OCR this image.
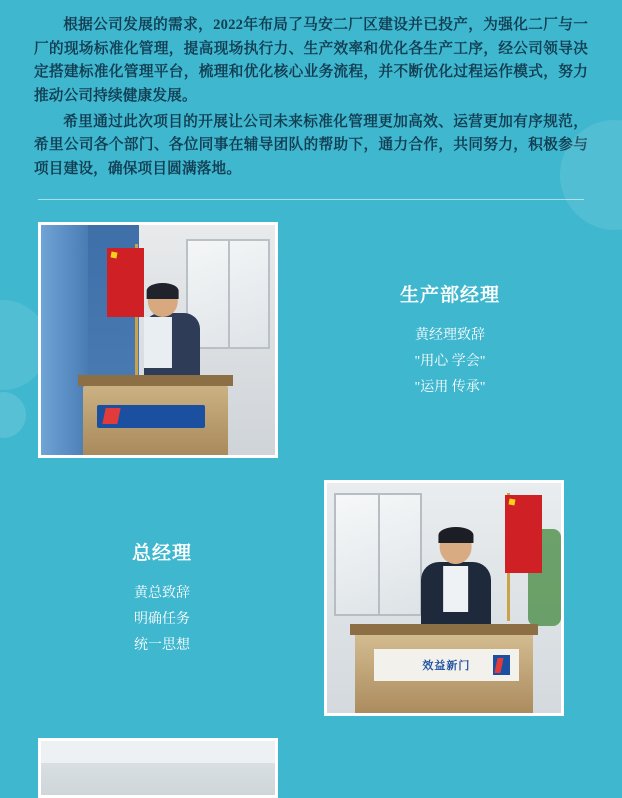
根据公司发展的需求，2022年布局了马安二厂区建设并已投产，为强化二厂与一厂的现场标准化管理，提高现场执行力、生产效率和优化各生产工序，经公司领导决定搭建标准化管理平台，梳理和优化核心业务流程，并不断优化过程运作模式，努力推动公司持续健康发展。

希里通过此次项目的开展让公司未来标准化管理更加高效、运营更加有序规范，希里公司各个部门、各位同事在辅导团队的帮助下，通力合作，共同努力，积极参与项目建设，确保项目圆满落地。

生产部经理
黄经理致辞
"用心 学会"
"运用 传承"
总经理
黄总致辞
明确任务
统一思想
效益新门
